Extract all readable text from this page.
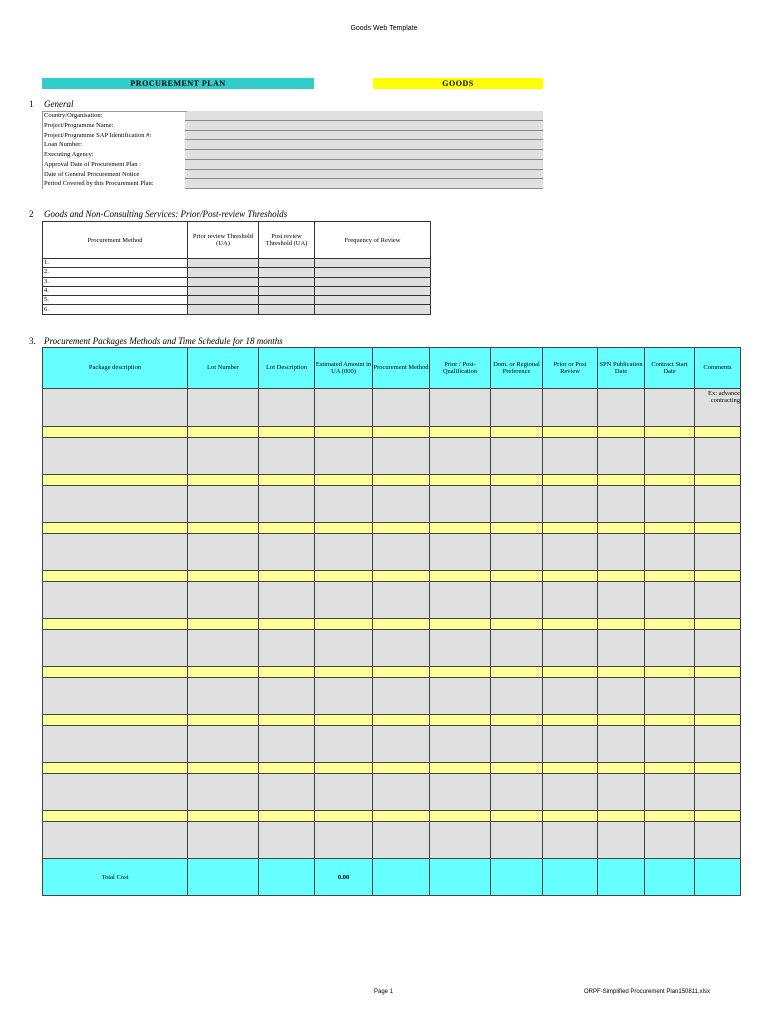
Goods Web Template
PROCUREMENT PLAN	GOODS
1 General
Country/Organisation:
Project/Programme Name:
Project/Programme SAP Identification #:
Loan Number:
Executing Agency:
Approval Date of Procurement Plan :
Date of General Procurement Notice
Period Covered by this Procurement Plan:
2 Goods and Non-Consulting Services: Prior/Post-review Thresholds
Procurement Method	Prior review Threshold (UA)	Post review Threshold (UA)	Frequency of Review
1.			
2.			
3.			
4.			
5.			
6.			
3. Procurement Packages Methods and Time Schedule for 18 months
Package description	Lot Number	Lot Description	Estimated Amount in UA (000)	Procurement Method	Prior / Post-Qualification	Dom. or Regional Preference	Prior or Post Review	SPN Publication Date	Contract Start Date	Comments
										Ex: advance contracting

Total Cost			0.00							
Page 1	ORPF-Simplified Procurement Plan150811.xlsx
